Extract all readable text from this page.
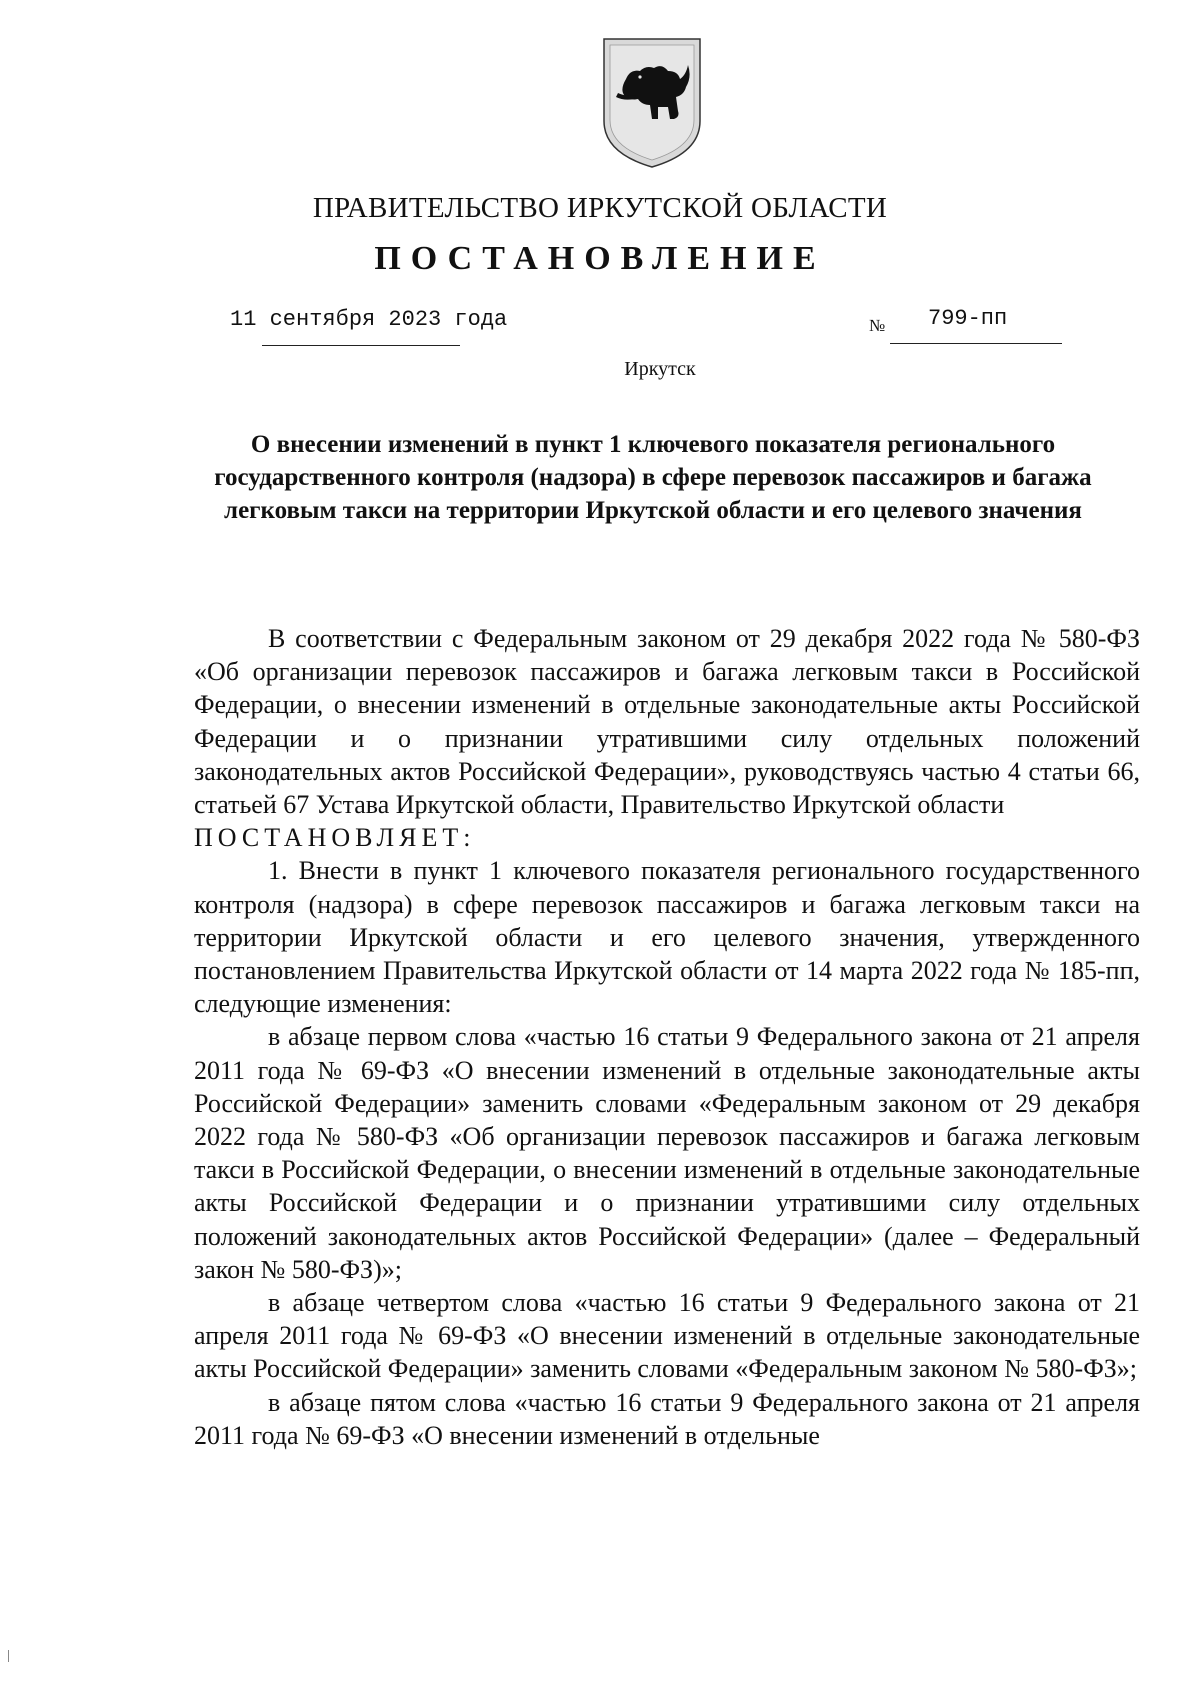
ПРАВИТЕЛЬСТВО ИРКУТСКОЙ ОБЛАСТИ
ПОСТАНОВЛЕНИЕ
11 сентября 2023 года	№ 799-пп
Иркутск
О внесении изменений в пункт 1 ключевого показателя регионального государственного контроля (надзора) в сфере перевозок пассажиров и багажа легковым такси на территории Иркутской области и его целевого значения

В соответствии с Федеральным законом от 29 декабря 2022 года № 580-ФЗ «Об организации перевозок пассажиров и багажа легковым такси в Российской Федерации, о внесении изменений в отдельные законодательные акты Российской Федерации и о признании утратившими силу отдельных положений законодательных актов Российской Федерации», руководствуясь частью 4 статьи 66, статьей 67 Устава Иркутской области, Правительство Иркутской области

ПОСТАНОВЛЯЕТ:

1. Внести в пункт 1 ключевого показателя регионального государственного контроля (надзора) в сфере перевозок пассажиров и багажа легковым такси на территории Иркутской области и его целевого значения, утвержденного постановлением Правительства Иркутской области от 14 марта 2022 года № 185-пп, следующие изменения:

в абзаце первом слова «частью 16 статьи 9 Федерального закона от 21 апреля 2011 года № 69-ФЗ «О внесении изменений в отдельные законодательные акты Российской Федерации» заменить словами «Федеральным законом от 29 декабря 2022 года № 580-ФЗ «Об организации перевозок пассажиров и багажа легковым такси в Российской Федерации, о внесении изменений в отдельные законодательные акты Российской Федерации и о признании утратившими силу отдельных положений законодательных актов Российской Федерации» (далее – Федеральный закон № 580-ФЗ)»;

в абзаце четвертом слова «частью 16 статьи 9 Федерального закона от 21 апреля 2011 года № 69-ФЗ «О внесении изменений в отдельные законодательные акты Российской Федерации» заменить словами «Федеральным законом № 580-ФЗ»;

в абзаце пятом слова «частью 16 статьи 9 Федерального закона от 21 апреля 2011 года № 69-ФЗ «О внесении изменений в отдельные
